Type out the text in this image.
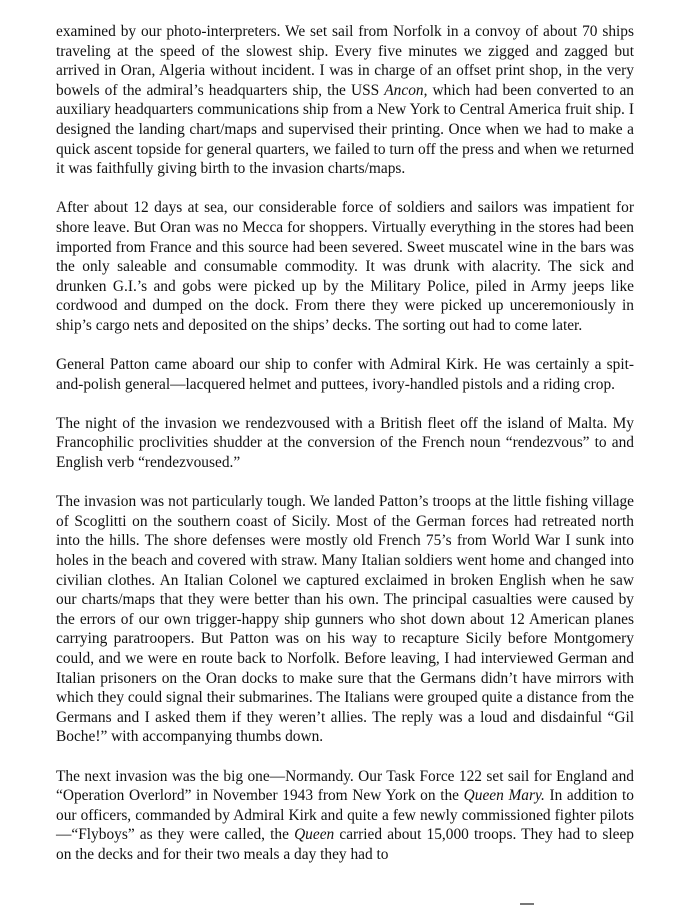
examined by our photo-interpreters. We set sail from Norfolk in a convoy of about 70 ships traveling at the speed of the slowest ship. Every five minutes we zigged and zagged but arrived in Oran, Algeria without incident. I was in charge of an offset print shop, in the very bowels of the admiral’s headquarters ship, the USS Ancon, which had been converted to an auxiliary headquarters communications ship from a New York to Central America fruit ship. I designed the landing chart/maps and supervised their printing. Once when we had to make a quick ascent topside for general quarters, we failed to turn off the press and when we returned it was faithfully giving birth to the invasion charts/maps.

After about 12 days at sea, our considerable force of soldiers and sailors was impatient for shore leave. But Oran was no Mecca for shoppers. Virtually everything in the stores had been imported from France and this source had been severed. Sweet muscatel wine in the bars was the only saleable and consumable commodity. It was drunk with alacrity. The sick and drunken G.I.’s and gobs were picked up by the Military Police, piled in Army jeeps like cordwood and dumped on the dock. From there they were picked up unceremoniously in ship’s cargo nets and deposited on the ships’ decks. The sorting out had to come later.

General Patton came aboard our ship to confer with Admiral Kirk. He was certainly a spit-and-polish general—lacquered helmet and puttees, ivory-handled pistols and a riding crop.

The night of the invasion we rendezvoused with a British fleet off the island of Malta. My Francophilic proclivities shudder at the conversion of the French noun “rendezvous” to and English verb “rendezvoused.”

The invasion was not particularly tough. We landed Patton’s troops at the little fishing village of Scoglitti on the southern coast of Sicily. Most of the German forces had retreated north into the hills. The shore defenses were mostly old French 75’s from World War I sunk into holes in the beach and covered with straw. Many Italian soldiers went home and changed into civilian clothes. An Italian Colonel we captured exclaimed in broken English when he saw our charts/maps that they were better than his own. The principal casualties were caused by the errors of our own trigger-happy ship gunners who shot down about 12 American planes carrying paratroopers. But Patton was on his way to recapture Sicily before Montgomery could, and we were en route back to Norfolk. Before leaving, I had interviewed German and Italian prisoners on the Oran docks to make sure that the Germans didn’t have mirrors with which they could signal their submarines. The Italians were grouped quite a distance from the Germans and I asked them if they weren’t allies. The reply was a loud and disdainful “Gil Boche!” with accompanying thumbs down.

The next invasion was the big one—Normandy. Our Task Force 122 set sail for England and “Operation Overlord” in November 1943 from New York on the Queen Mary. In addition to our officers, commanded by Admiral Kirk and quite a few newly commissioned fighter pilots—“Flyboys” as they were called, the Queen carried about 15,000 troops. They had to sleep on the decks and for their two meals a day they had to
